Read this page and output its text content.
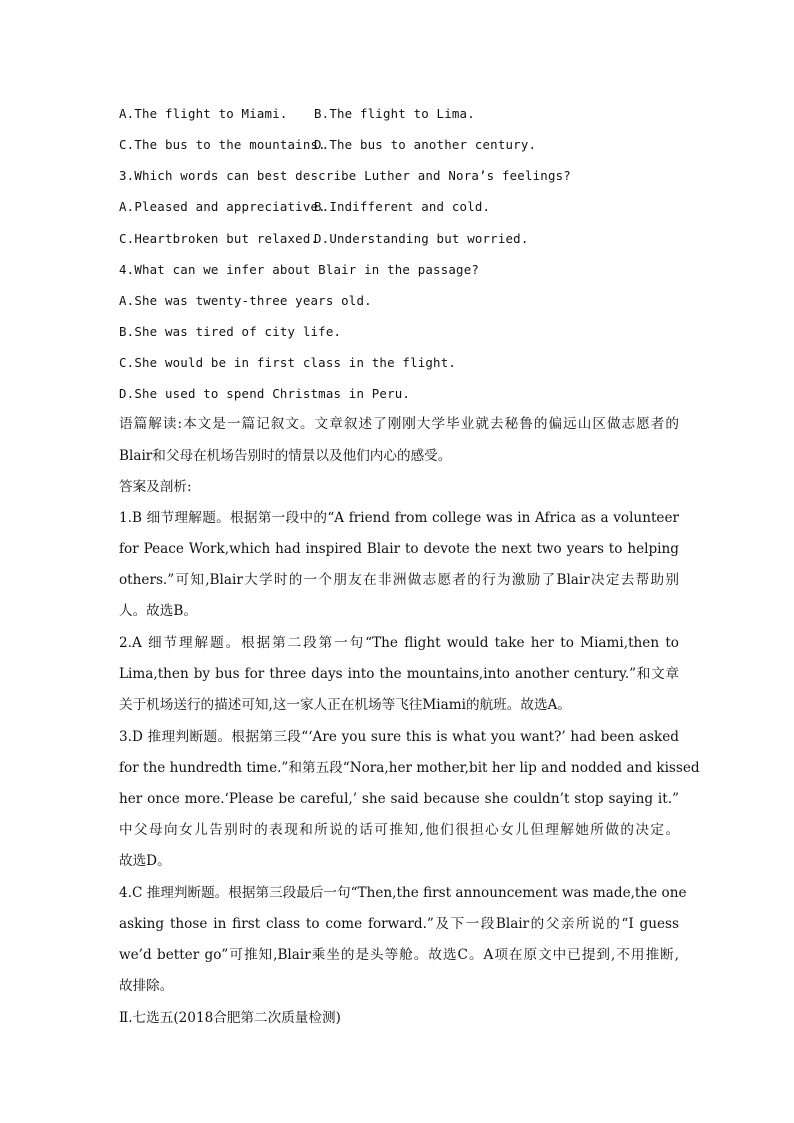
A.The flight to Miami. B.The flight to Lima.
C.The bus to the mountains.
D.The bus to another century.
3.Which words can best describe Luther and Nora’s feelings?
A.Pleased and appreciative.
B.Indifferent and cold.
C.Heartbroken but relaxed.
D.Understanding but worried.
4.What can we infer about Blair in the passage?
A.She was twenty-three years old.
B.She was tired of city life.
C.She would be in first class in the flight.
D.She used to spend Christmas in Peru.
语篇解读:本文是一篇记叙文。文章叙述了刚刚大学毕业就去秘鲁的偏远山区做志愿者的
Blair和父母在机场告别时的情景以及他们内心的感受。
答案及剖析:
1.B 细节理解题。根据第一段中的“A friend from college was in Africa as a volunteer
for Peace Work,which had inspired Blair to devote the next two years to helping
others.”可知,Blair大学时的一个朋友在非洲做志愿者的行为激励了Blair决定去帮助别
人。故选B。
2.A 细节理解题。根据第二段第一句“The flight would take her to Miami,then to
Lima,then by bus for three days into the mountains,into another century.”和文章
关于机场送行的描述可知,这一家人正在机场等飞往Miami的航班。故选A。
3.D 推理判断题。根据第三段“‘Are you sure this is what you want?’ had been asked
for the hundredth time.”和第五段“Nora,her mother,bit her lip and nodded and kissed
her once more.‘Please be careful,’ she said because she couldn’t stop saying it.”
中父母向女儿告别时的表现和所说的话可推知,他们很担心女儿但理解她所做的决定。
故选D。
4.C 推理判断题。根据第三段最后一句“Then,the first announcement was made,the one
asking those in first class to come forward.”及下一段Blair的父亲所说的“I guess
we’d better go”可推知,Blair乘坐的是头等舱。故选C。A项在原文中已提到,不用推断,
故排除。
Ⅱ.七选五(2018合肥第二次质量检测)
